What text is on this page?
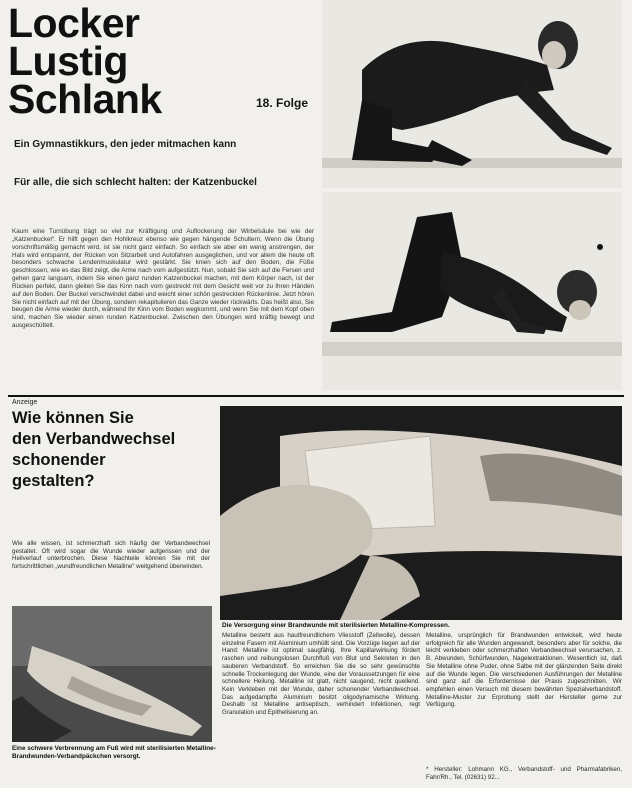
Locker
Lustig
Schlank	18. Folge
Ein Gymnastikkurs, den jeder mitmachen kann
Für alle, die sich schlecht halten: der Katzenbuckel
Kaum eine Turnübung trägt so viel zur Kräftigung und Auflockerung der Wirbelsäule bei wie der „Katzenbuckel“. Er hilft gegen den Hohlkreuz ebenso wie gegen hängende Schultern. Wenn die Übung vorschriftsmäßig gemacht wird, ist sie nicht ganz einfach. So einfach sie aber ein wenig anstrengen, der Hals wird entspannt, der Rücken von Sitzarbeit und Autofahren ausgeglichen, und vor allem die heute oft besonders schwache Lendenmuskulatur wird gestärkt. Sie knien sich auf den Boden, die Füße geschlossen, wie es das Bild zeigt, die Arme nach vorn aufgestützt. Nun, sobald Sie sich auf die Fersen und gehen ganz langsam, indem Sie einen ganz runden Katzenbuckel machen, mit dem Körper nach, ist der Rücken perfekt, dann gleiten Sie das Kinn nach vorn gestreckt mit dem Gesicht weit vor zu Ihren Händen auf den Boden. Der Buckel verschwindet dabei und weicht einer schön gestreckten Rückenlinie. Jetzt hören Sie nicht einfach auf mit der Übung, sondern rekapitulieren das Ganze wieder rückwärts. Das heißt also, Sie beugen die Arme wieder durch, während Ihr Kinn vom Boden wegkommt, und wenn Sie mit dem Kopf oben sind, machen Sie wieder einen runden Katzenbuckel. Zwischen den Übungen wird kräftig bewegt und ausgeschüttelt.
Anzeige
Wie können Sie
den Verbandwechsel
schonender
gestalten?
Wie alle wissen, ist schmerzhaft sich häufig der Verbandwechsel gestaltet. Oft wird sogar die Wunde wieder aufgerissen und der Heilverlauf unterbrochen. Diese Nachteile können Sie mit der fortschrittlichen „wundfreundlichen Metalline“ weitgehend überwinden.
Die Versorgung einer Brandwunde mit sterilisierten Metalline-Kompressen.
Eine schwere Verbrennung am Fuß wird mit sterilisierten Metalline-Brandwunden-Verbandpäckchen versorgt.
Metalline besteht aus hautfreundlichem Vliesstoff (Zellwolle), dessen einzelne Fasern mit Aluminium umhüllt sind. Die Vorzüge liegen auf der Hand: Metalline ist optimal saugfähig. Ihre Kapillarwirkung fördert raschen und reibungslosen Durchfluß von Blut und Sekreten in den sauberen Verbandstoff. So erreichen Sie die so sehr gewünschte schnelle Trockenlegung der Wunde, eine der Voraussetzungen für eine schnellere Heilung. Metalline ist glatt, nicht saugend, nicht quellend. Kein Verkleben mit der Wunde, daher schonender Verbandwechsel. Das aufgedampfte Aluminium besitzt oligodynamische Wirkung. Deshalb ist Metalline antiseptisch, verhindert Infektionen, regt Granulation und Epithelisierung an.
Metalline, ursprünglich für Brandwunden entwickelt, wird heute erfolgreich für alle Wunden angewandt, besonders aber für solche, die leicht verkleben oder schmerzhaften Verbandwechsel verursachen, z. B. Abwunden, Schürfwunden, Nagelextraktionen. Wesentlich ist, daß Sie Metalline ohne Puder, ohne Salbe mit der glänzenden Seite direkt auf die Wunde legen. Die verschiedenen Ausführungen der Metalline sind ganz auf die Erfordernisse der Praxis zugeschnitten. Wir empfehlen einen Versuch mit diesem bewährten Spezialverbandstoff. Metalline-Muster zur Erprobung stellt der Hersteller gerne zur Verfügung.
* Hersteller: Lohmann KG., Verbandstoff- und Pharmafabriken, Fahr/Rh., Tel. (02631) 92...
